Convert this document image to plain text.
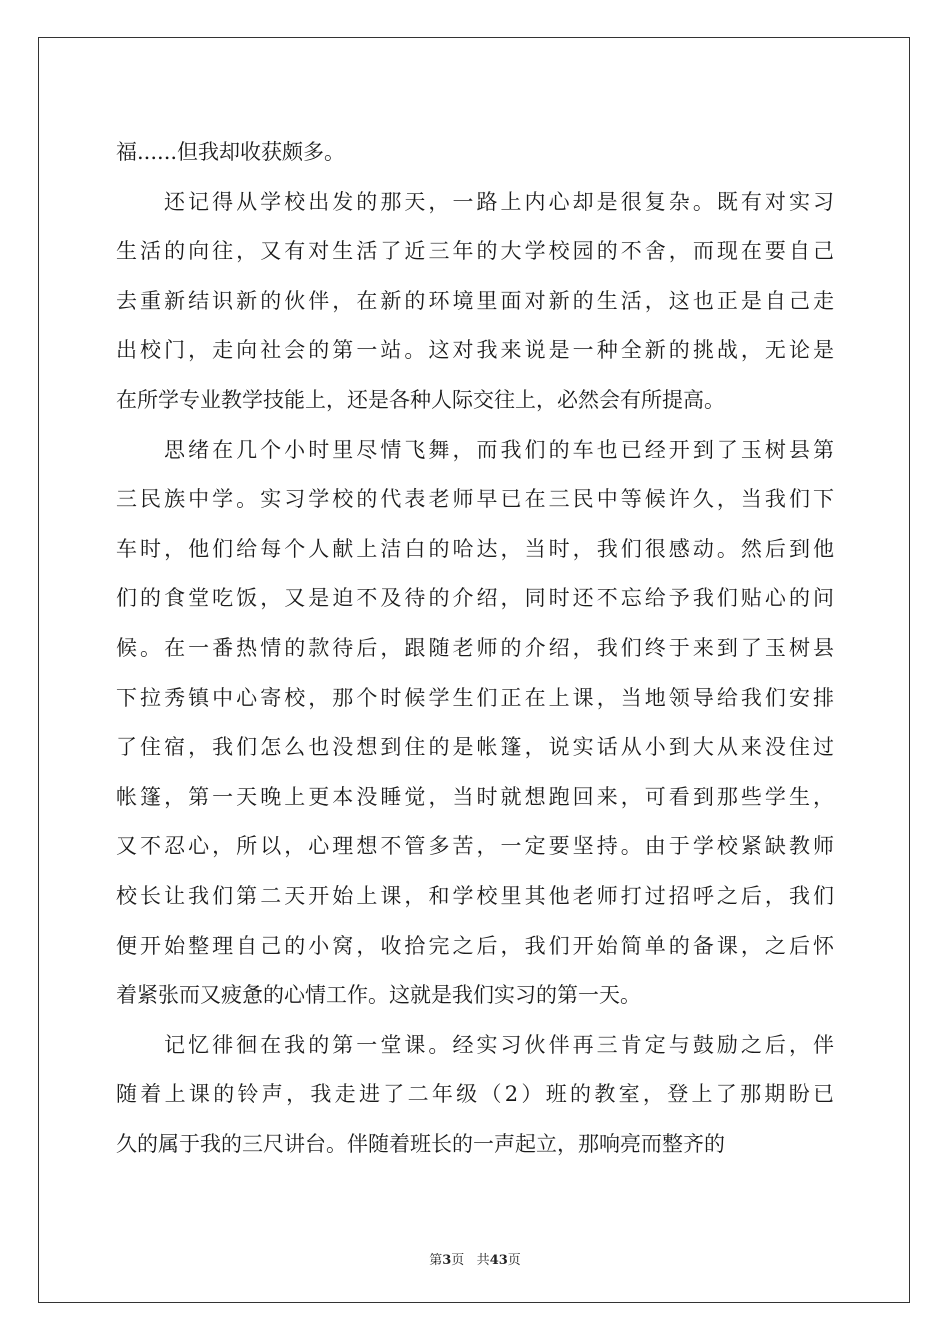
福......但我却收获颇多。
还记得从学校出发的那天，一路上内心却是很复杂。既有对实习
生活的向往，又有对生活了近三年的大学校园的不舍，而现在要自己
去重新结识新的伙伴，在新的环境里面对新的生活，这也正是自己走
出校门，走向社会的第一站。这对我来说是一种全新的挑战，无论是
在所学专业教学技能上，还是各种人际交往上，必然会有所提高。
思绪在几个小时里尽情飞舞，而我们的车也已经开到了玉树县第
三民族中学。实习学校的代表老师早已在三民中等候许久，当我们下
车时，他们给每个人献上洁白的哈达，当时，我们很感动。然后到他
们的食堂吃饭，又是迫不及待的介绍，同时还不忘给予我们贴心的问
候。在一番热情的款待后，跟随老师的介绍，我们终于来到了玉树县
下拉秀镇中心寄校，那个时候学生们正在上课，当地领导给我们安排
了住宿，我们怎么也没想到住的是帐篷，说实话从小到大从来没住过
帐篷，第一天晚上更本没睡觉，当时就想跑回来，可看到那些学生，
又不忍心，所以，心理想不管多苦，一定要坚持。由于学校紧缺教师
校长让我们第二天开始上课，和学校里其他老师打过招呼之后，我们
便开始整理自己的小窝，收拾完之后，我们开始简单的备课，之后怀
着紧张而又疲惫的心情工作。这就是我们实习的第一天。
记忆徘徊在我的第一堂课。经实习伙伴再三肯定与鼓励之后，伴
随着上课的铃声，我走进了二年级（2）班的教室，登上了那期盼已
久的属于我的三尺讲台。伴随着班长的一声起立，那响亮而整齐的
第3页 共43页
